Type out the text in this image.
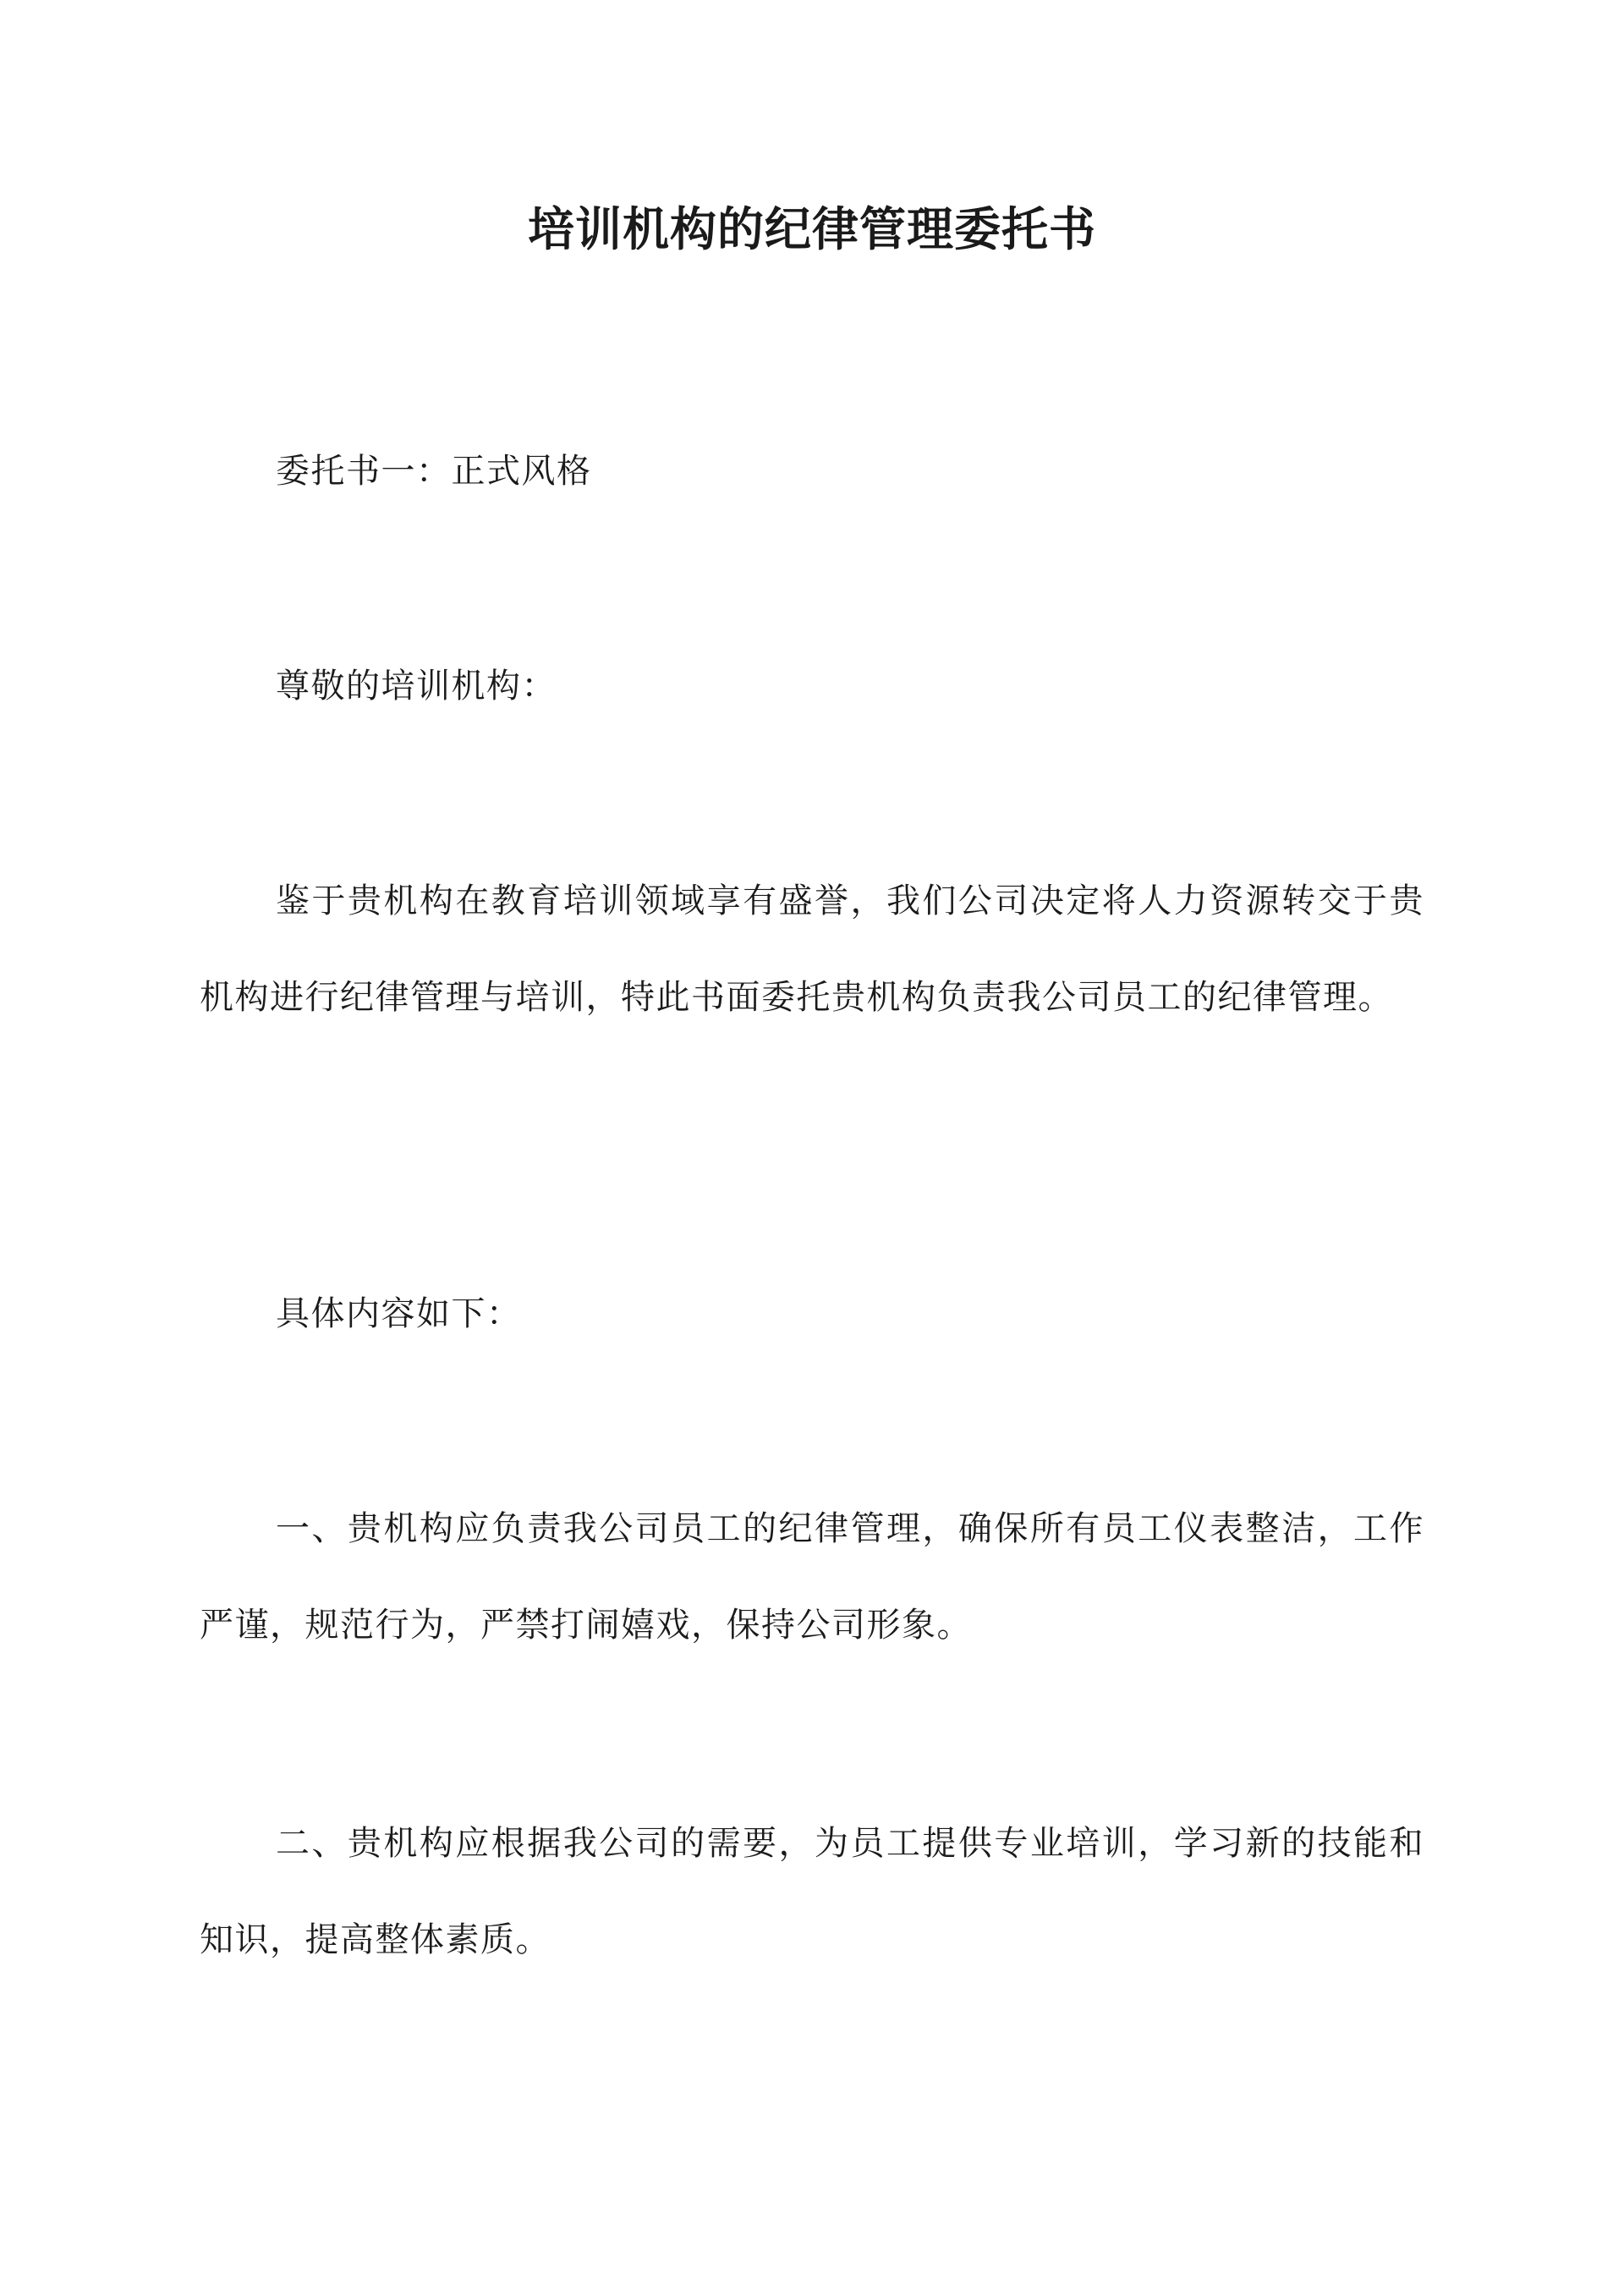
培训机构的纪律管理委托书

委托书一：正式风格

尊敬的培训机构：

鉴于贵机构在教育培训领域享有盛誉，我们公司决定将人力资源转交于贵机构进行纪律管理与培训，特此书面委托贵机构负责我公司员工的纪律管理。

具体内容如下：

一、贵机构应负责我公司员工的纪律管理，确保所有员工仪表整洁，工作严谨，规范行为，严禁打闹嬉戏，保持公司形象。

二、贵机构应根据我公司的需要，为员工提供专业培训，学习新的技能和知识，提高整体素质。
